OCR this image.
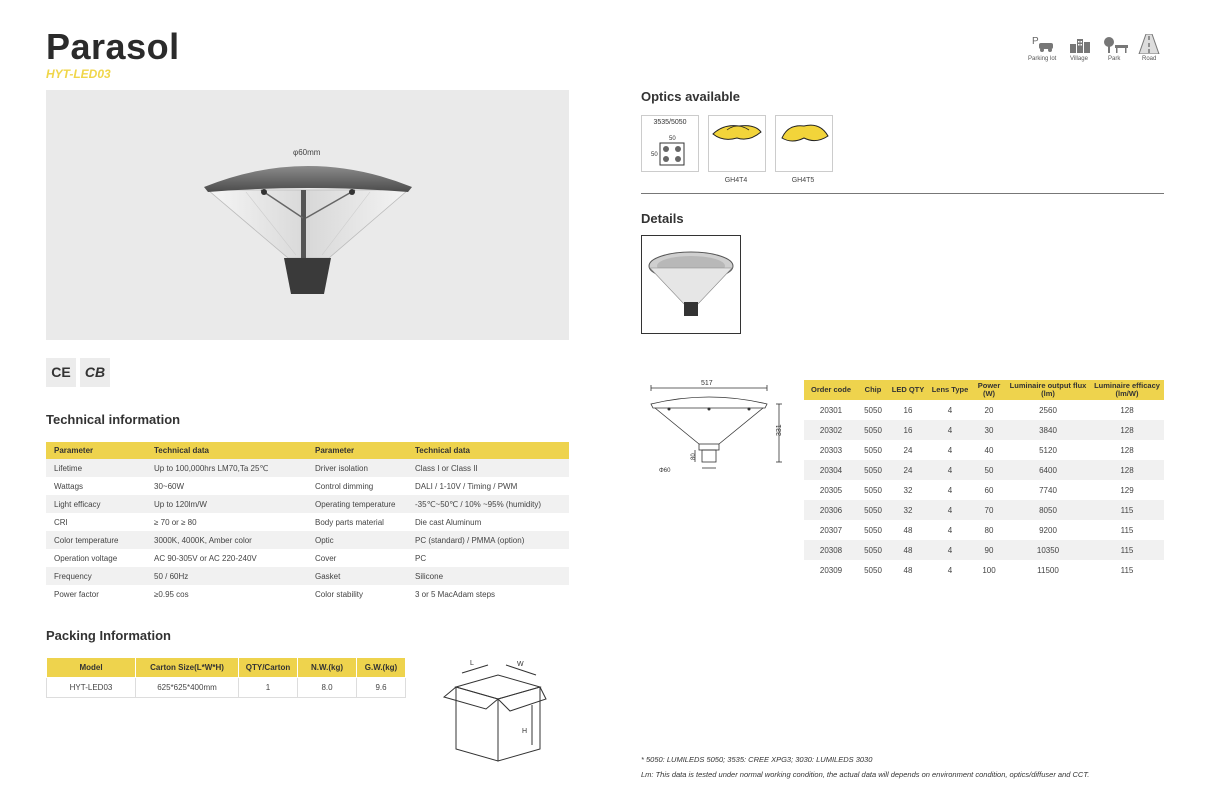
Parasol
HYT-LED03
P
Parking lot Village	Park	Road
φ60mm
CE CB
Technical information
Parameter	Technical data	Parameter	Technical data
Lifetime	Up to 100,000hrs LM70,Ta 25℃	Driver isolation	Class I or Class II
Wattags	30~60W	Control dimming	DALI / 1-10V / Timing / PWM
Light efficacy	Up to 120lm/W	Operating temperature	-35℃~50℃ / 10% ~95% (humidity)
CRI	≥ 70 or ≥ 80	Body parts material	Die cast Aluminum
Color temperature	3000K, 4000K, Amber color	Optic	PC (standard) / PMMA (option)
Operation voltage	AC 90-305V or AC 220-240V	Cover	PC
Frequency	50 / 60Hz	Gasket	Silicone
Power factor	≥0.95 cos	Color stability	3 or 5 MacAdam steps
Packing Information
Model	Carton Size(L*W*H)	QTY/Carton	N.W.(kg)	G.W.(kg)
HYT-LED03	625*625*400mm	1	8.0	9.6
L	W
H
Optics available
3535/5050
50
50
GH4T4	GH4T5
Details
517
331
80
Φ60
Order code	Chip	LED QTY	Lens Type	Power (W)	Luminaire output flux (lm)	Luminaire efficacy (lm/W)
20301	5050	16	4	20	2560	128
20302	5050	16	4	30	3840	128
20303	5050	24	4	40	5120	128
20304	5050	24	4	50	6400	128
20305	5050	32	4	60	7740	129
20306	5050	32	4	70	8050	115
20307	5050	48	4	80	9200	115
20308	5050	48	4	90	10350	115
20309	5050	48	4	100	11500	115
* 5050: LUMILEDS 5050; 3535: CREE XPG3; 3030: LUMILEDS 3030
Lm: This data is tested under normal working condition, the actual data will depends on environment condition, optics/diffuser and CCT.
